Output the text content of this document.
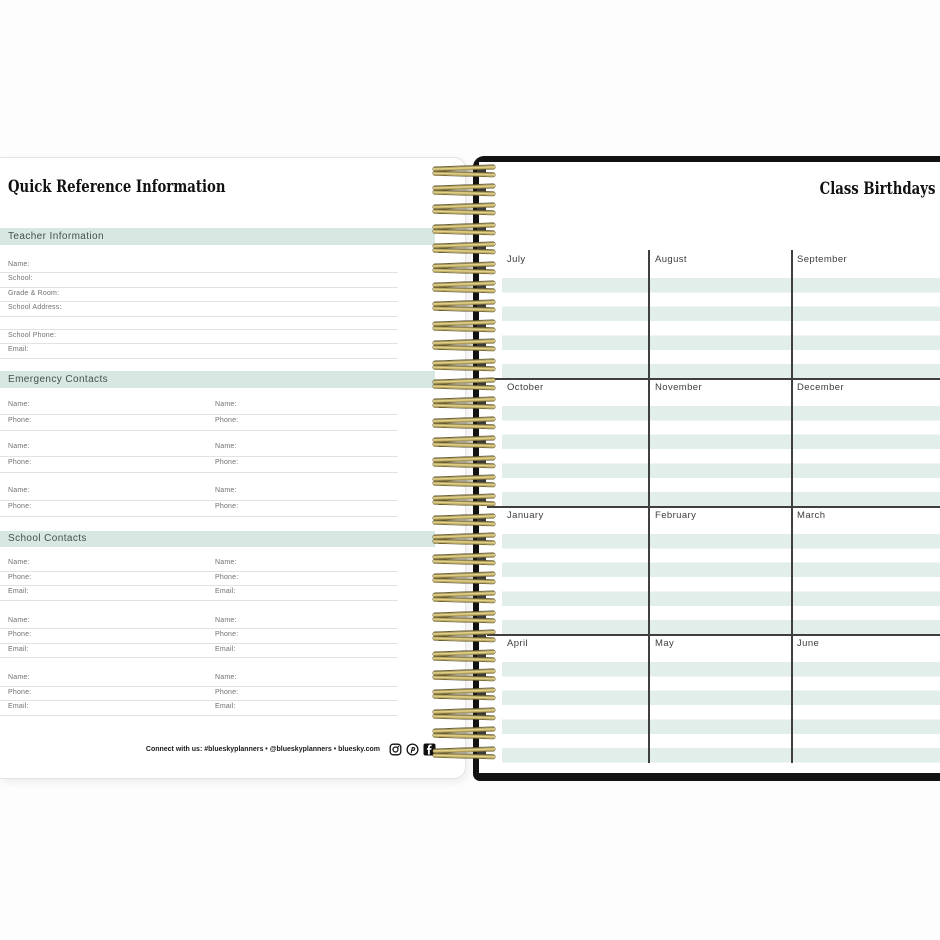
Quick Reference Information
Teacher Information
Name:
School:
Grade & Room:
School Address:
School Phone:
Email:
Emergency Contacts
Name:	Name:
Phone:	Phone:
Name:	Name:
Phone:	Phone:
Name:	Name:
Phone:	Phone:
School Contacts
Name:	Name:
Phone:	Phone:
Email:	Email:
Name:	Name:
Phone:	Phone:
Email:	Email:
Name:	Name:
Phone:	Phone:
Email:	Email:
Connect with us: #blueskyplanners • @blueskyplanners • bluesky.com
Class Birthdays
July	August	September
October	November	December
January	February	March
April	May	June
